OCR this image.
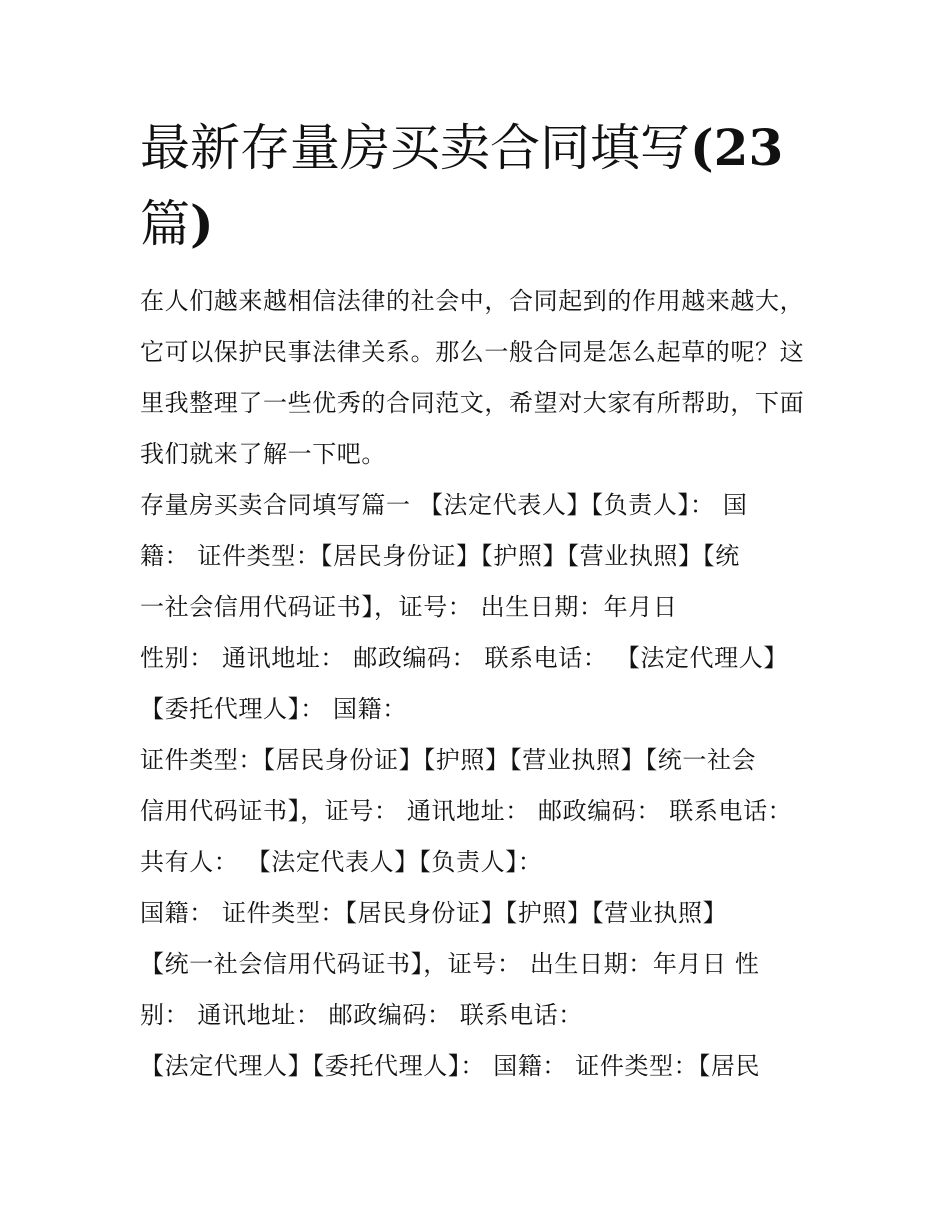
最新存量房买卖合同填写(23
篇)
在人们越来越相信法律的社会中，合同起到的作用越来越大，
它可以保护民事法律关系。那么一般合同是怎么起草的呢？这
里我整理了一些优秀的合同范文，希望对大家有所帮助，下面
我们就来了解一下吧。
存量房买卖合同填写篇一 【法定代表人】【负责人】： 国
籍： 证件类型：【居民身份证】【护照】【营业执照】【统
一社会信用代码证书】，证号： 出生日期：年月日
性别： 通讯地址： 邮政编码： 联系电话： 【法定代理人】
【委托代理人】： 国籍：
证件类型：【居民身份证】【护照】【营业执照】【统一社会
信用代码证书】，证号： 通讯地址： 邮政编码： 联系电话：
共有人： 【法定代表人】【负责人】：
国籍： 证件类型：【居民身份证】【护照】【营业执照】
【统一社会信用代码证书】，证号： 出生日期：年月日 性
别： 通讯地址： 邮政编码： 联系电话：
【法定代理人】【委托代理人】： 国籍： 证件类型：【居民
